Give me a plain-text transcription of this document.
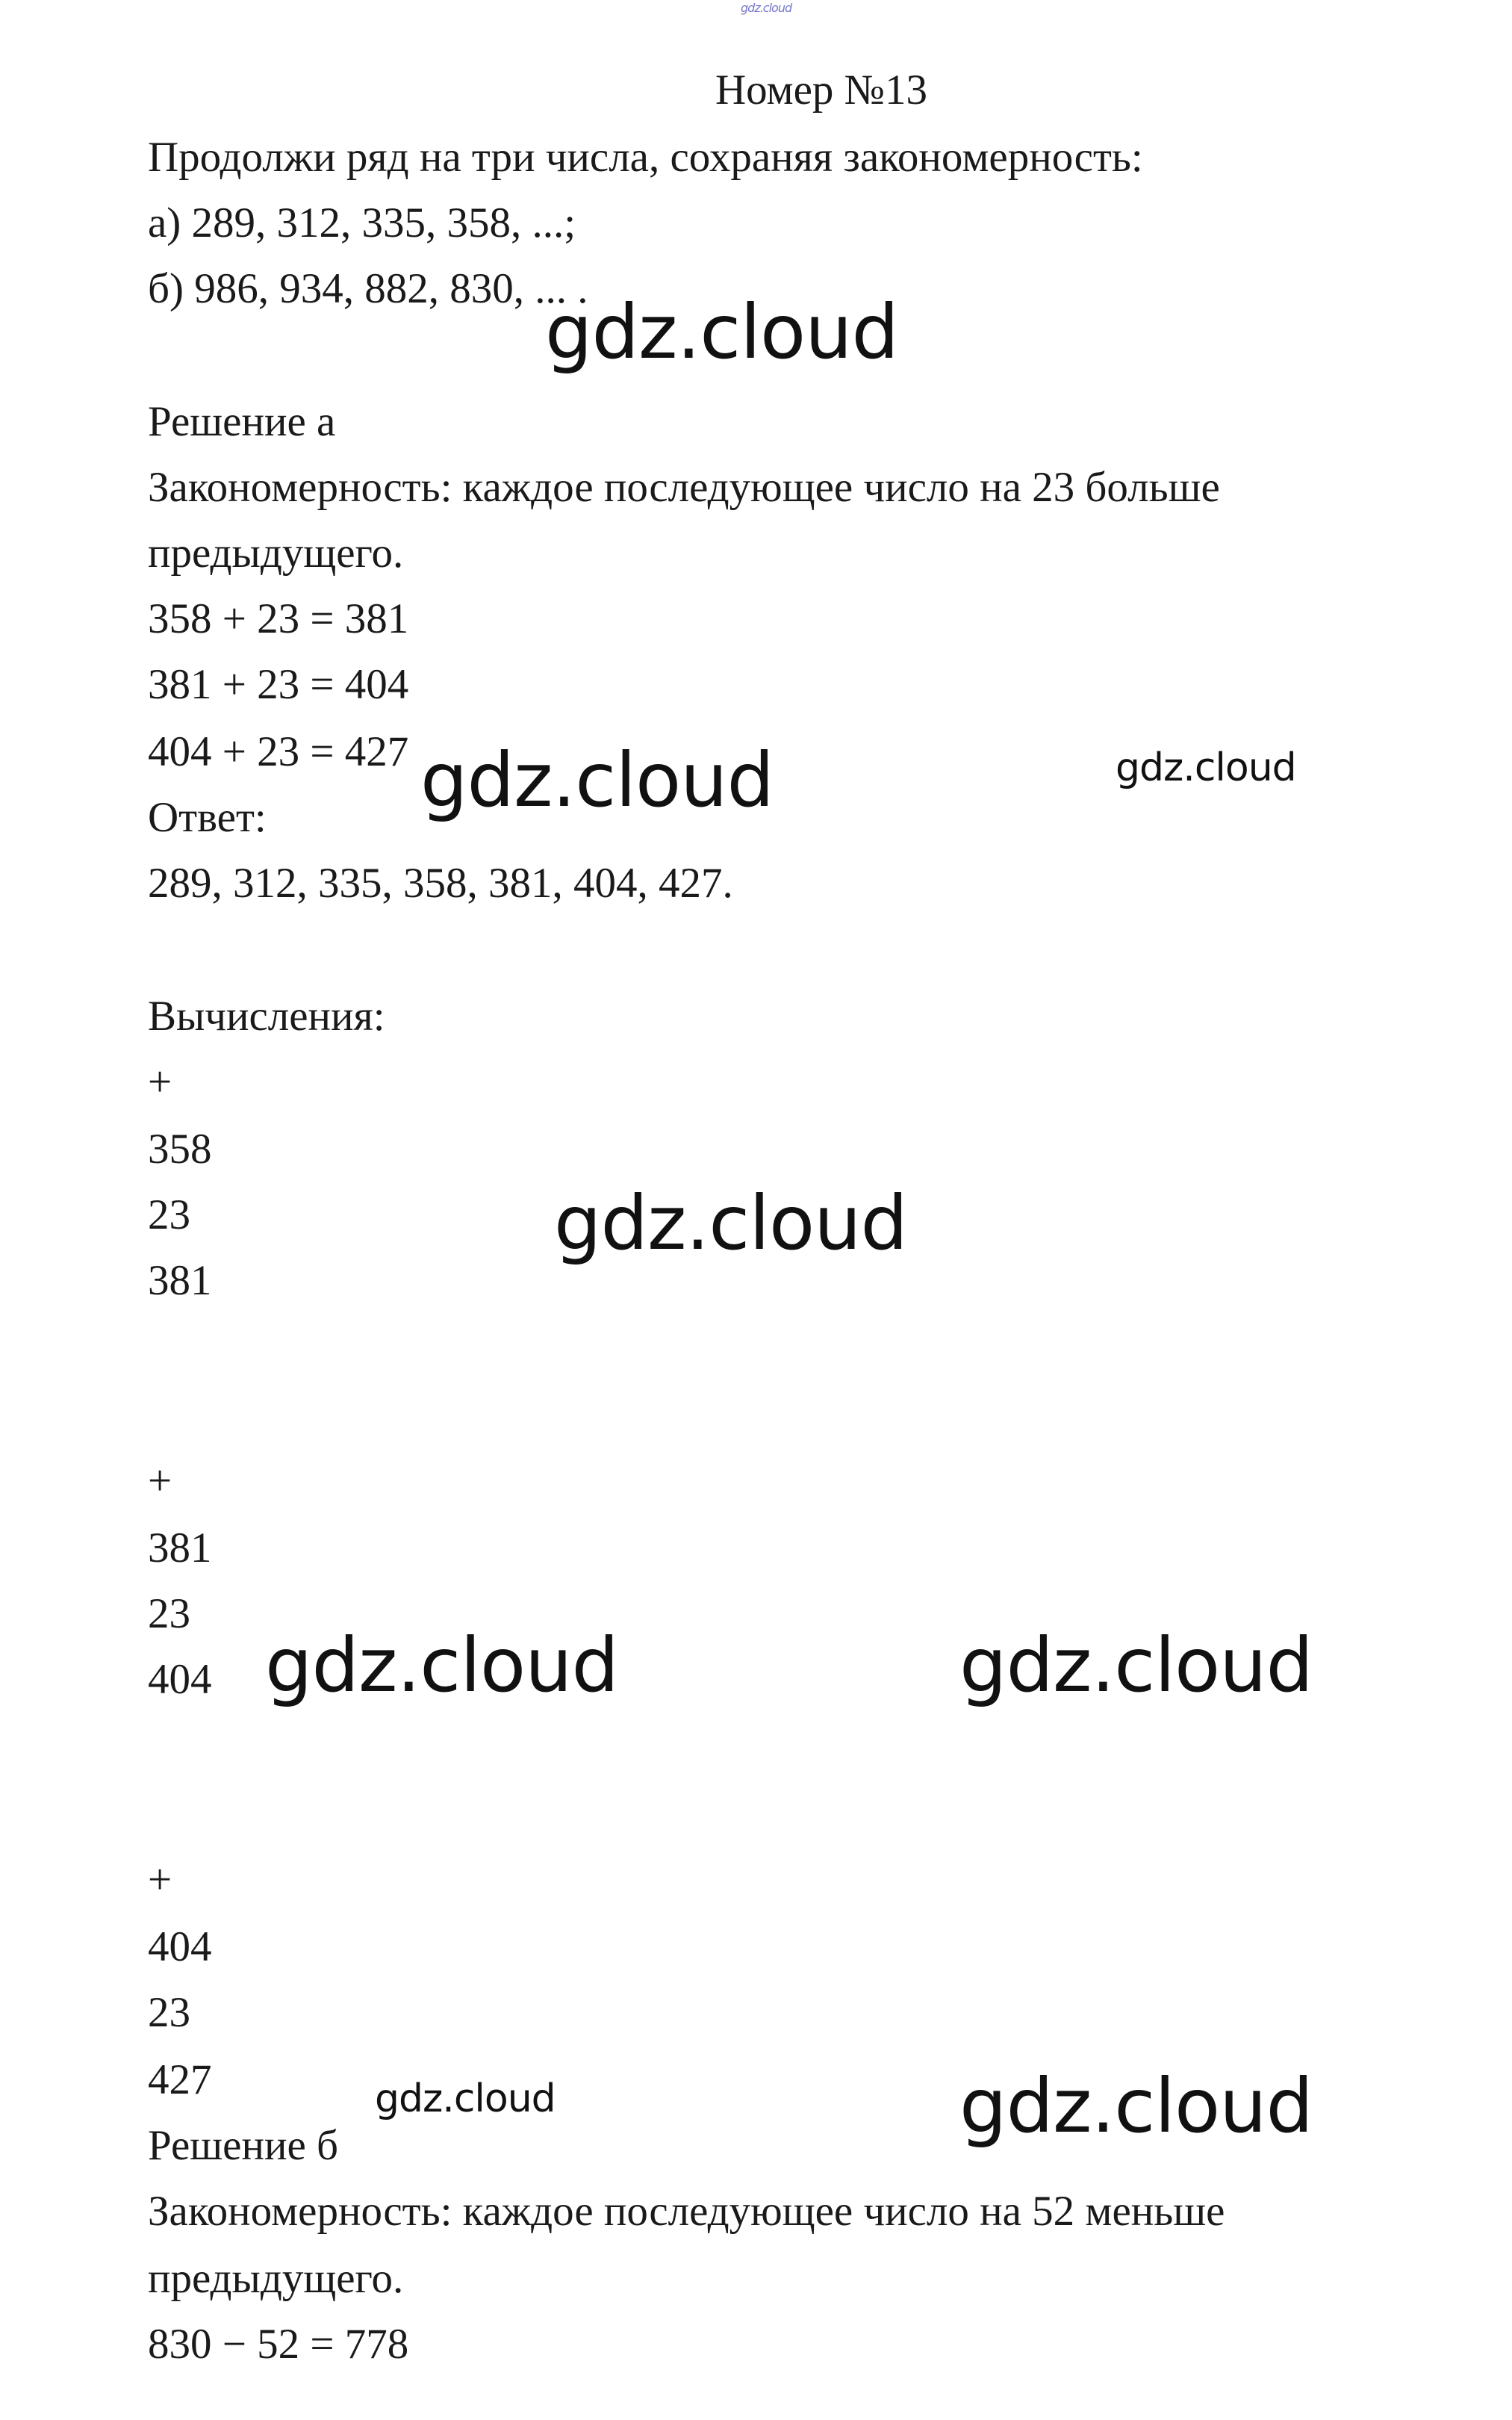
gdz.cloud
Номер №13
Продолжи ряд на три числа, сохраняя закономерность:
а) 289, 312, 335, 358, ...;
б) 986, 934, 882, 830, ... .
Решение а
Закономерность: каждое последующее число на 23 больше
предыдущего.
358 + 23 = 381
381 + 23 = 404
404 + 23 = 427
Ответ:
289, 312, 335, 358, 381, 404, 427.
Вычисления:
+
358
23
381
+
381
23
404
+
404
23
427
Решение б
Закономерность: каждое последующее число на 52 меньше
предыдущего.
830 − 52 = 778
gdz.cloud
gdz.cloud	gdz.cloud
gdz.cloud
gdz.cloud	gdz.cloud
gdz.cloud	gdz.cloud
